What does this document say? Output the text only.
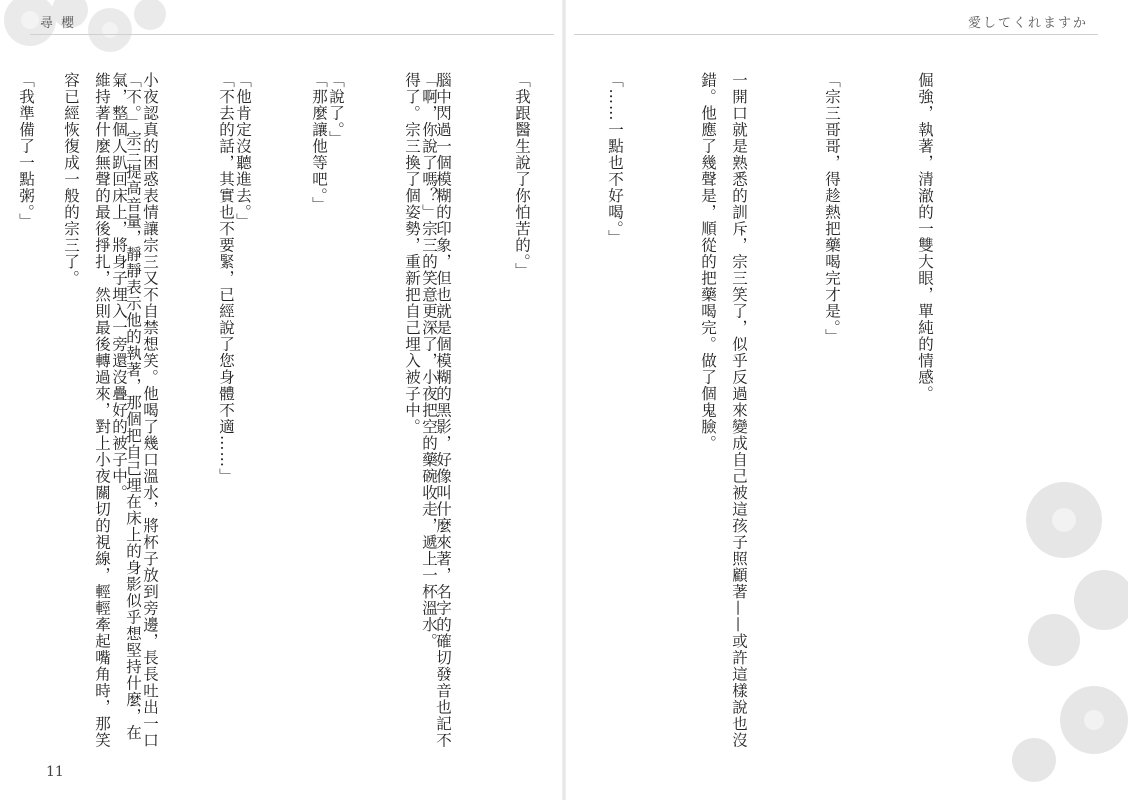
尋 櫻

腦中閃過一個模糊的印象，但也就是個模糊的黑影，好像叫什麼來著，名字的確切發音也記不得了。宗三換了個姿勢，重新把自己埋入被子中。

「那麼讓他等吧。」

「不去的話，其實也不要緊，已經說了您身體不適……」

「不。」宗三提高音量，靜靜表示他的執著，那個把自己埋在床上的身影似乎想堅持什麼，在維持著什麼無聲的最後掙扎，然則最後轉過來，對上小夜關切的視線，輕輕牽起嘴角時，那笑容已經恢復成一般的宗三了。

11
愛してくれますか

倔強，執著，清澈的一雙大眼，單純的情感。

「宗三哥哥，得趁熱把藥喝完才是。」

一開口就是熟悉的訓斥，宗三笑了，似乎反過來變成自己被這孩子照顧著——或許這樣說也沒錯。他應了幾聲是，順從的把藥喝完。做了個鬼臉。

「……一點也不好喝。」

「我跟醫生說了你怕苦的。」

「啊，你說了嗎？」宗三的笑意更深了，小夜把空的藥碗收走，遞上一杯溫水。

「說了。」

「他肯定沒聽進去。」

小夜認真的困惑表情讓宗三又不自禁想笑。他喝了幾口溫水，將杯子放到旁邊，長長吐出一口氣，整個人趴回床上，將身子埋入一旁還沒疊好的被子中。

「我準備了一點粥。」
